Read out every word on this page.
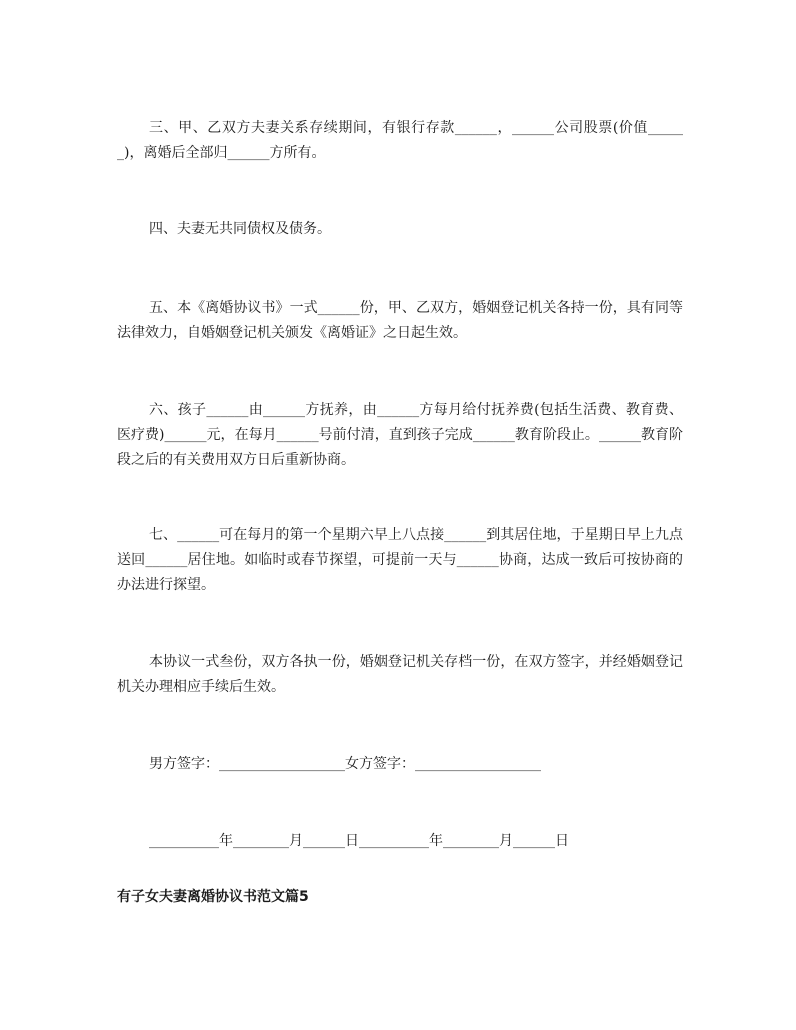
三、甲、乙双方夫妻关系存续期间，有银行存款______，______公司股票(价值______)，离婚后全部归______方所有。

四、夫妻无共同债权及债务。

五、本《离婚协议书》一式______份，甲、乙双方，婚姻登记机关各持一份，具有同等法律效力，自婚姻登记机关颁发《离婚证》之日起生效。

六、孩子______由______方抚养，由______方每月给付抚养费(包括生活费、教育费、医疗费)______元，在每月______号前付清，直到孩子完成______教育阶段止。______教育阶段之后的有关费用双方日后重新协商。

七、______可在每月的第一个星期六早上八点接______到其居住地，于星期日早上九点送回______居住地。如临时或春节探望，可提前一天与______协商，达成一致后可按协商的办法进行探望。

本协议一式叁份，双方各执一份，婚姻登记机关存档一份，在双方签字，并经婚姻登记机关办理相应手续后生效。

男方签字：__________________女方签字：__________________
__________年________月______日__________年________月______日
有子女夫妻离婚协议书范文篇5
